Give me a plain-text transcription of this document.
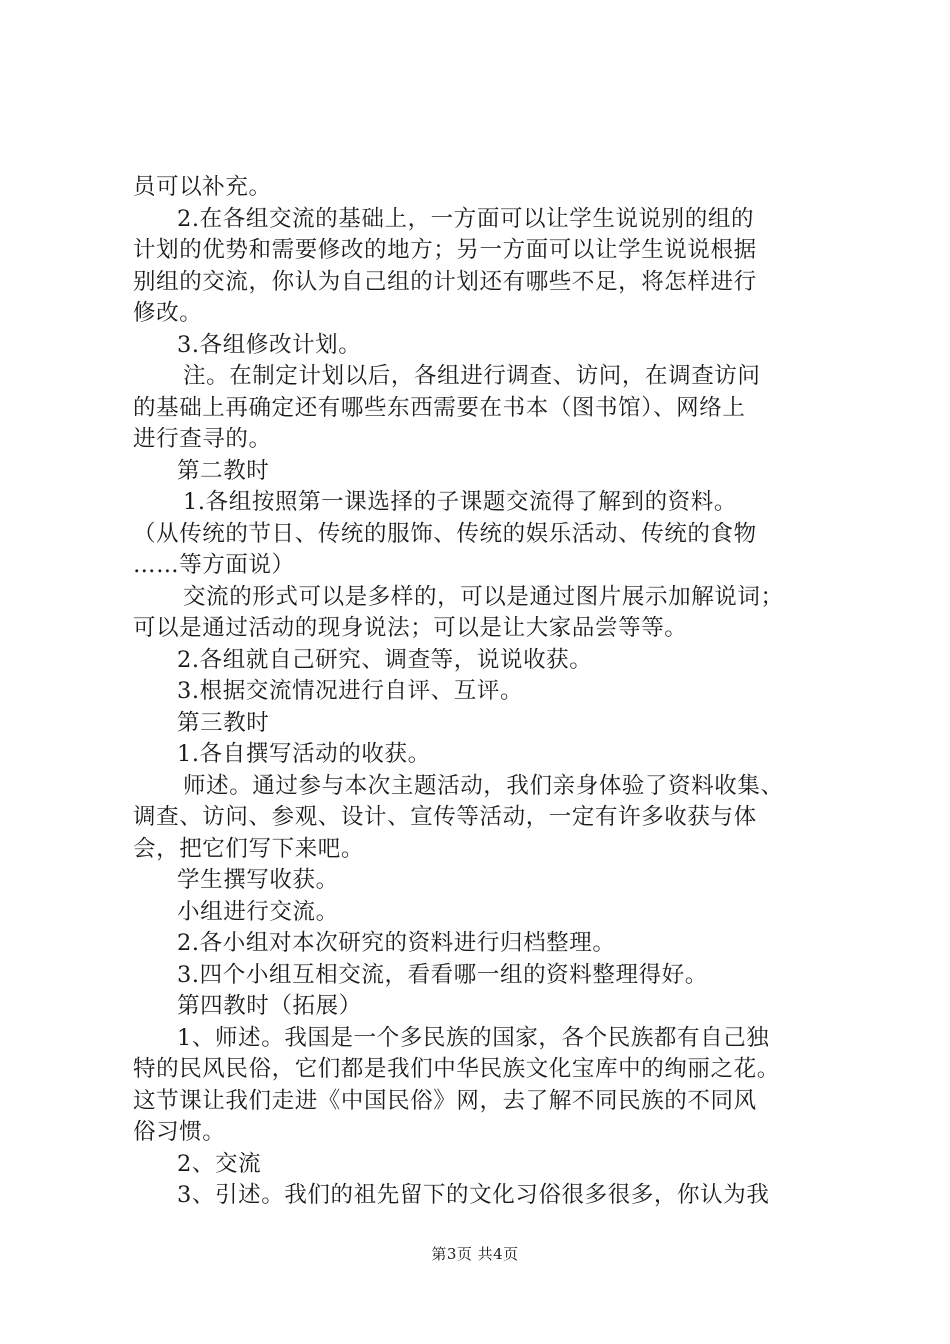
员可以补充。
2.在各组交流的基础上，一方面可以让学生说说别的组的
计划的优势和需要修改的地方；另一方面可以让学生说说根据
别组的交流，你认为自己组的计划还有哪些不足，将怎样进行
修改。
3.各组修改计划。
注。在制定计划以后，各组进行调查、访问，在调查访问
的基础上再确定还有哪些东西需要在书本（图书馆）、网络上
进行查寻的。
第二教时
1.各组按照第一课选择的子课题交流得了解到的资料。
（从传统的节日、传统的服饰、传统的娱乐活动、传统的食物
……等方面说）
交流的形式可以是多样的，可以是通过图片展示加解说词；
可以是通过活动的现身说法；可以是让大家品尝等等。
2.各组就自己研究、调查等，说说收获。
3.根据交流情况进行自评、互评。
第三教时
1.各自撰写活动的收获。
师述。通过参与本次主题活动，我们亲身体验了资料收集、
调查、访问、参观、设计、宣传等活动，一定有许多收获与体
会，把它们写下来吧。
学生撰写收获。
小组进行交流。
2.各小组对本次研究的资料进行归档整理。
3.四个小组互相交流，看看哪一组的资料整理得好。
第四教时（拓展）
1、师述。我国是一个多民族的国家，各个民族都有自己独
特的民风民俗，它们都是我们中华民族文化宝库中的绚丽之花。
这节课让我们走进《中国民俗》网，去了解不同民族的不同风
俗习惯。
2、交流
3、引述。我们的祖先留下的文化习俗很多很多，你认为我
第3页 共4页
